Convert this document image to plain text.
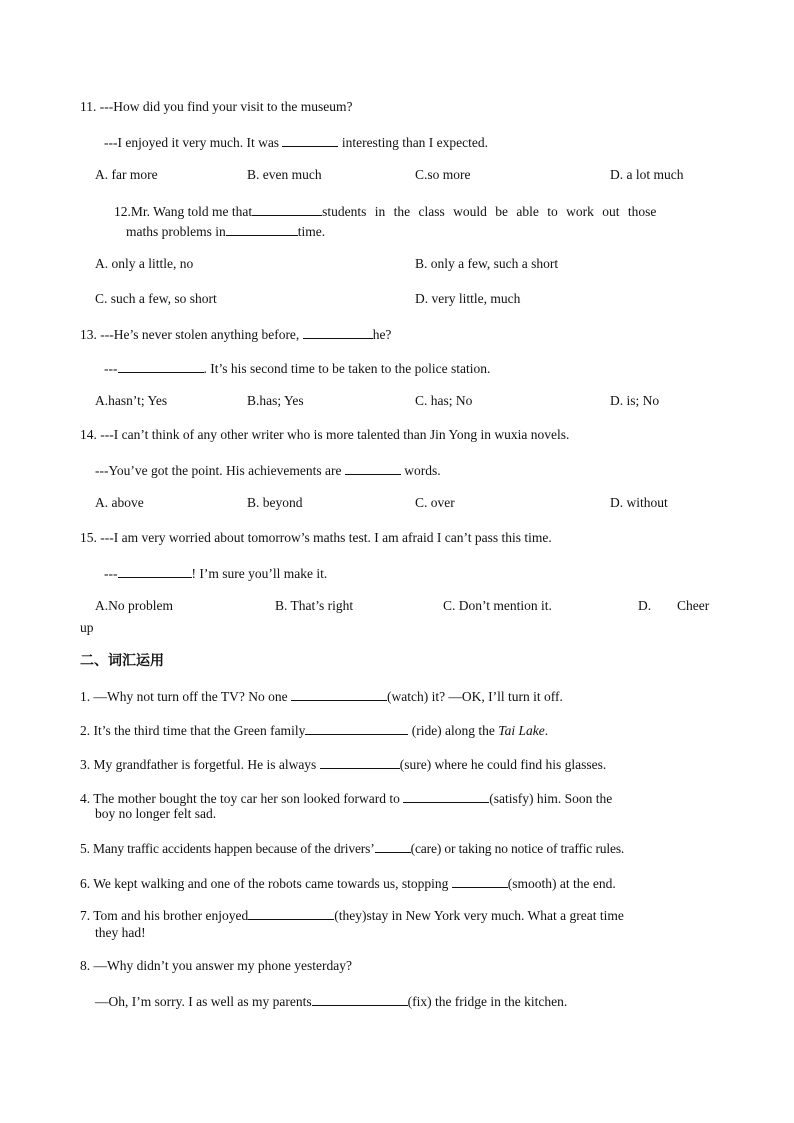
11. ---How did you find your visit to the museum?
---I enjoyed it very much. It was	interesting than I expected.
A. far more	B. even much	C.so more	D. a lot much
12.Mr. Wang told me that	students in the class would be able to work out those
maths problems in	time.
A. only a little, no	B. only a few, such a short
C. such a few, so short	D. very little, much
13. ---He’s never stolen anything before,	he?
---	. It’s his second time to be taken to the police station.
A.hasn’t; Yes	B.has; Yes	C. has; No	D. is; No
14. ---I can’t think of any other writer who is more talented than Jin Yong in wuxia novels.
---You’ve got the point. His achievements are	words.
A. above	B. beyond	C. over	D. without
15. ---I am very worried about tomorrow’s maths test. I am afraid I can’t pass this time.
---	! I’m sure you’ll make it.
A.No problem	B. That’s right	C. Don’t mention it.	D. Cheer
up
二、词汇运用
1. —Why not turn off the TV? No one	(watch) it? —OK, I’ll turn it off.
2. It’s the third time that the Green family	(ride) along the Tai Lake.
3. My grandfather is forgetful. He is always	(sure) where he could find his glasses.
4. The mother bought the toy car her son looked forward to	(satisfy) him. Soon the
boy no longer felt sad.
5. Many traffic accidents happen because of the drivers’	(care) or taking no notice of traffic rules.
6. We kept walking and one of the robots came towards us, stopping	(smooth) at the end.
7. Tom and his brother enjoyed	(they)stay in New York very much. What a great time
they had!
8. —Why didn’t you answer my phone yesterday?
—Oh, I’m sorry. I as well as my parents	(fix) the fridge in the kitchen.
